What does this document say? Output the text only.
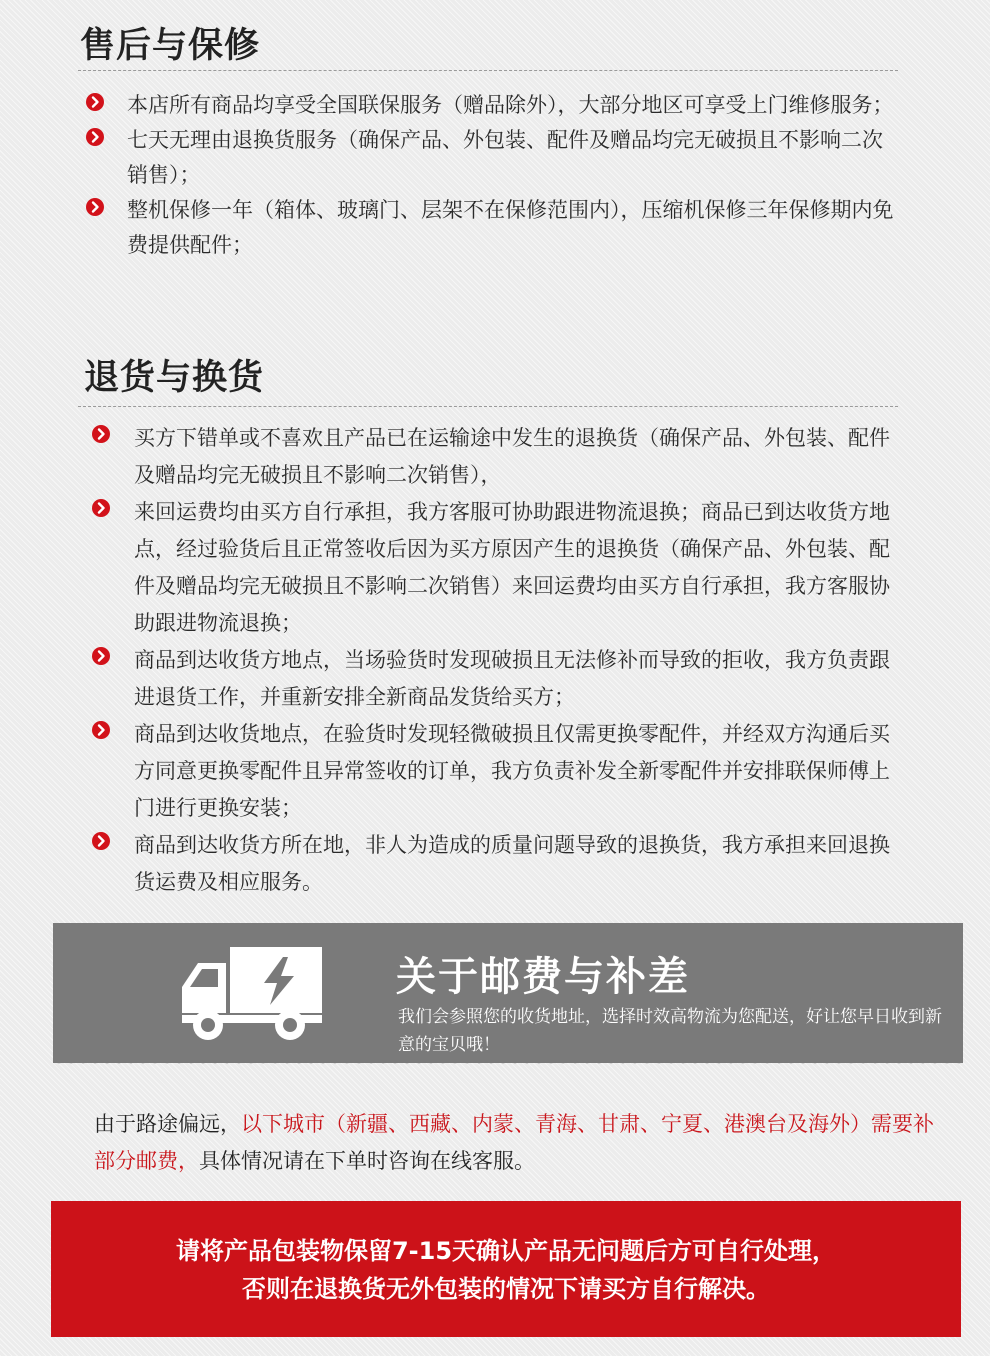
售后与保修
本店所有商品均享受全国联保服务（赠品除外），大部分地区可享受上门维修服务；
七天无理由退换货服务（确保产品、外包装、配件及赠品均完无破损且不影响二次销售）；
整机保修一年（箱体、玻璃门、层架不在保修范围内），压缩机保修三年保修期内免费提供配件；
退货与换货
买方下错单或不喜欢且产品已在运输途中发生的退换货（确保产品、外包装、配件及赠品均完无破损且不影响二次销售），
来回运费均由买方自行承担，我方客服可协助跟进物流退换；商品已到达收货方地点，经过验货后且正常签收后因为买方原因产生的退换货（确保产品、外包装、配件及赠品均完无破损且不影响二次销售）来回运费均由买方自行承担，我方客服协助跟进物流退换；
商品到达收货方地点，当场验货时发现破损且无法修补而导致的拒收，我方负责跟进退货工作，并重新安排全新商品发货给买方；
商品到达收货地点，在验货时发现轻微破损且仅需更换零配件，并经双方沟通后买方同意更换零配件且异常签收的订单，我方负责补发全新零配件并安排联保师傅上门进行更换安装；
商品到达收货方所在地，非人为造成的质量问题导致的退换货，我方承担来回退换货运费及相应服务。
关于邮费与补差

我们会参照您的收货地址，选择时效高物流为您配送，好让您早日收到新意的宝贝哦！

由于路途偏远，以下城市（新疆、西藏、内蒙、青海、甘肃、宁夏、港澳台及海外）需要补部分邮费，具体情况请在下单时咨询在线客服。

请将产品包装物保留7-15天确认产品无问题后方可自行处理，

否则在退换货无外包装的情况下请买方自行解决。
